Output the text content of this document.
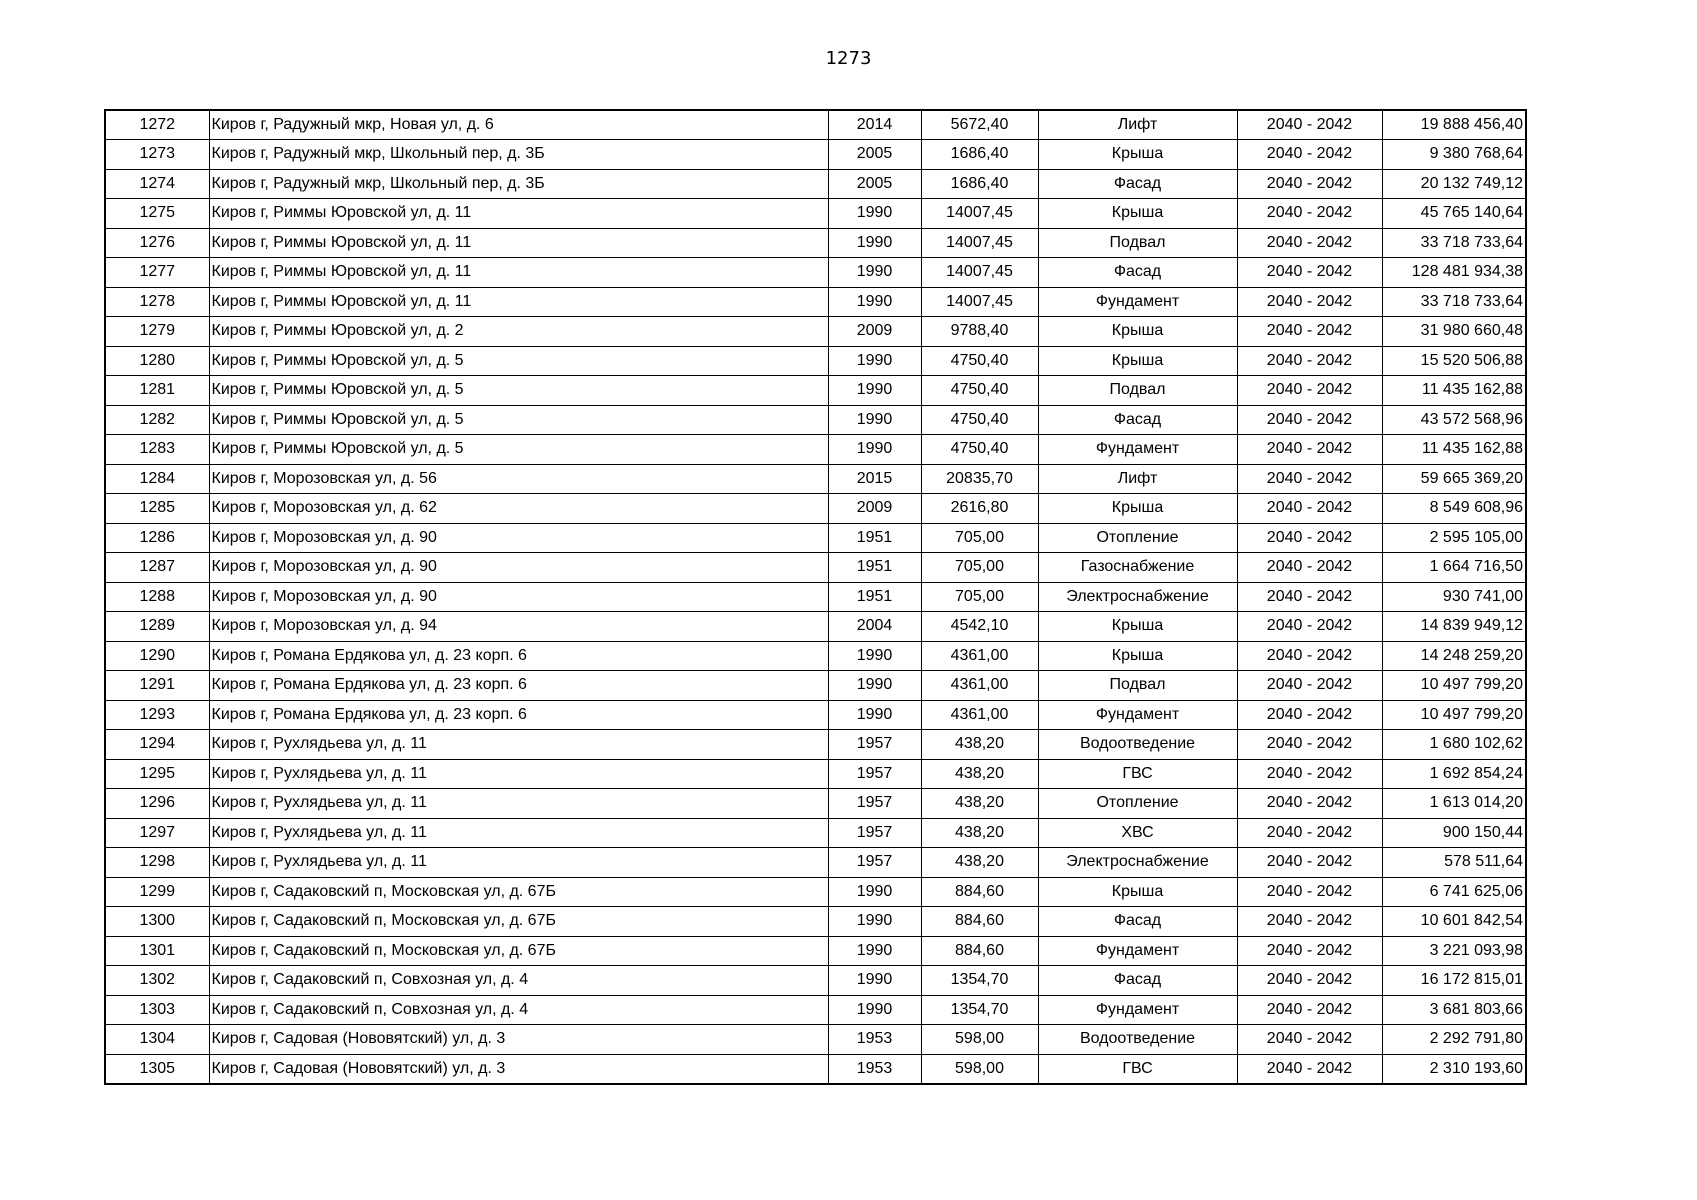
1273
1272	Киров г, Радужный мкр, Новая ул, д. 6	2014	5672,40	Лифт	2040 - 2042	19 888 456,40
1273	Киров г, Радужный мкр, Школьный пер, д. 3Б	2005	1686,40	Крыша	2040 - 2042	9 380 768,64
1274	Киров г, Радужный мкр, Школьный пер, д. 3Б	2005	1686,40	Фасад	2040 - 2042	20 132 749,12
1275	Киров г, Риммы Юровской ул, д. 11	1990	14007,45	Крыша	2040 - 2042	45 765 140,64
1276	Киров г, Риммы Юровской ул, д. 11	1990	14007,45	Подвал	2040 - 2042	33 718 733,64
1277	Киров г, Риммы Юровской ул, д. 11	1990	14007,45	Фасад	2040 - 2042	128 481 934,38
1278	Киров г, Риммы Юровской ул, д. 11	1990	14007,45	Фундамент	2040 - 2042	33 718 733,64
1279	Киров г, Риммы Юровской ул, д. 2	2009	9788,40	Крыша	2040 - 2042	31 980 660,48
1280	Киров г, Риммы Юровской ул, д. 5	1990	4750,40	Крыша	2040 - 2042	15 520 506,88
1281	Киров г, Риммы Юровской ул, д. 5	1990	4750,40	Подвал	2040 - 2042	11 435 162,88
1282	Киров г, Риммы Юровской ул, д. 5	1990	4750,40	Фасад	2040 - 2042	43 572 568,96
1283	Киров г, Риммы Юровской ул, д. 5	1990	4750,40	Фундамент	2040 - 2042	11 435 162,88
1284	Киров г, Морозовская ул, д. 56	2015	20835,70	Лифт	2040 - 2042	59 665 369,20
1285	Киров г, Морозовская ул, д. 62	2009	2616,80	Крыша	2040 - 2042	8 549 608,96
1286	Киров г, Морозовская ул, д. 90	1951	705,00	Отопление	2040 - 2042	2 595 105,00
1287	Киров г, Морозовская ул, д. 90	1951	705,00	Газоснабжение	2040 - 2042	1 664 716,50
1288	Киров г, Морозовская ул, д. 90	1951	705,00	Электроснабжение	2040 - 2042	930 741,00
1289	Киров г, Морозовская ул, д. 94	2004	4542,10	Крыша	2040 - 2042	14 839 949,12
1290	Киров г, Романа Ердякова ул, д. 23 корп. 6	1990	4361,00	Крыша	2040 - 2042	14 248 259,20
1291	Киров г, Романа Ердякова ул, д. 23 корп. 6	1990	4361,00	Подвал	2040 - 2042	10 497 799,20
1293	Киров г, Романа Ердякова ул, д. 23 корп. 6	1990	4361,00	Фундамент	2040 - 2042	10 497 799,20
1294	Киров г, Рухлядьева ул, д. 11	1957	438,20	Водоотведение	2040 - 2042	1 680 102,62
1295	Киров г, Рухлядьева ул, д. 11	1957	438,20	ГВС	2040 - 2042	1 692 854,24
1296	Киров г, Рухлядьева ул, д. 11	1957	438,20	Отопление	2040 - 2042	1 613 014,20
1297	Киров г, Рухлядьева ул, д. 11	1957	438,20	ХВС	2040 - 2042	900 150,44
1298	Киров г, Рухлядьева ул, д. 11	1957	438,20	Электроснабжение	2040 - 2042	578 511,64
1299	Киров г, Садаковский п, Московская ул, д. 67Б	1990	884,60	Крыша	2040 - 2042	6 741 625,06
1300	Киров г, Садаковский п, Московская ул, д. 67Б	1990	884,60	Фасад	2040 - 2042	10 601 842,54
1301	Киров г, Садаковский п, Московская ул, д. 67Б	1990	884,60	Фундамент	2040 - 2042	3 221 093,98
1302	Киров г, Садаковский п, Совхозная ул, д. 4	1990	1354,70	Фасад	2040 - 2042	16 172 815,01
1303	Киров г, Садаковский п, Совхозная ул, д. 4	1990	1354,70	Фундамент	2040 - 2042	3 681 803,66
1304	Киров г, Садовая (Нововятский) ул, д. 3	1953	598,00	Водоотведение	2040 - 2042	2 292 791,80
1305	Киров г, Садовая (Нововятский) ул, д. 3	1953	598,00	ГВС	2040 - 2042	2 310 193,60
